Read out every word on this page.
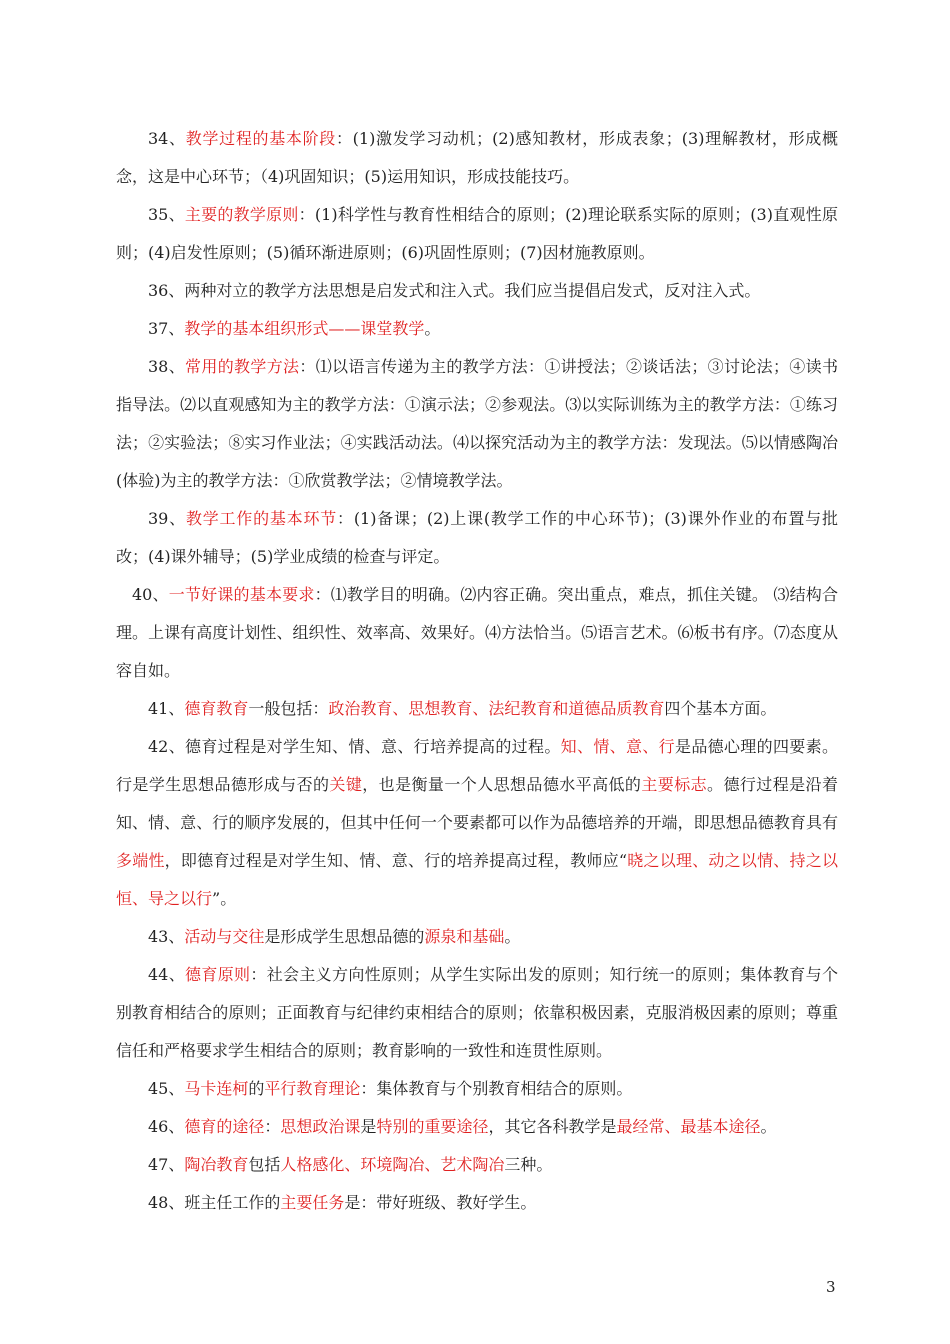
34、教学过程的基本阶段：(1)激发学习动机；(2)感知教材，形成表象；(3)理解教材，形成概念，这是中心环节；（4)巩固知识；(5)运用知识，形成技能技巧。

35、主要的教学原则：(1)科学性与教育性相结合的原则；(2)理论联系实际的原则；(3)直观性原则；(4)启发性原则；(5)循环渐进原则；(6)巩固性原则；(7)因材施教原则。

36、两种对立的教学方法思想是启发式和注入式。我们应当提倡启发式，反对注入式。

37、教学的基本组织形式——课堂教学。

38、常用的教学方法：⑴以语言传递为主的教学方法：①讲授法；②谈话法；③讨论法；④读书指导法。⑵以直观感知为主的教学方法：①演示法；②参观法。⑶以实际训练为主的教学方法：①练习法；②实验法；⑧实习作业法；④实践活动法。⑷以探究活动为主的教学方法：发现法。⑸以情感陶冶(体验)为主的教学方法：①欣赏教学法；②情境教学法。

39、教学工作的基本环节：(1)备课；(2)上课(教学工作的中心环节)；(3)课外作业的布置与批改；(4)课外辅导；(5)学业成绩的检查与评定。

40、一节好课的基本要求：⑴教学目的明确。⑵内容正确。突出重点，难点，抓住关键。 ⑶结构合理。上课有高度计划性、组织性、效率高、效果好。⑷方法恰当。⑸语言艺术。⑹板书有序。⑺态度从容自如。

41、德育教育一般包括：政治教育、思想教育、法纪教育和道德品质教育四个基本方面。

42、德育过程是对学生知、情、意、行培养提高的过程。知、情、意、行是品德心理的四要素。行是学生思想品德形成与否的关键，也是衡量一个人思想品德水平高低的主要标志。德行过程是沿着知、情、意、行的顺序发展的，但其中任何一个要素都可以作为品德培养的开端，即思想品德教育具有多端性，即德育过程是对学生知、情、意、行的培养提高过程，教师应“晓之以理、动之以情、持之以恒、导之以行”。

43、活动与交往是形成学生思想品德的源泉和基础。

44、德育原则：社会主义方向性原则；从学生实际出发的原则；知行统一的原则；集体教育与个别教育相结合的原则；正面教育与纪律约束相结合的原则；依靠积极因素，克服消极因素的原则；尊重信任和严格要求学生相结合的原则；教育影响的一致性和连贯性原则。

45、马卡连柯的平行教育理论：集体教育与个别教育相结合的原则。

46、德育的途径：思想政治课是特别的重要途径，其它各科教学是最经常、最基本途径。

47、陶冶教育包括人格感化、环境陶冶、艺术陶冶三种。

48、班主任工作的主要任务是：带好班级、教好学生。

3
